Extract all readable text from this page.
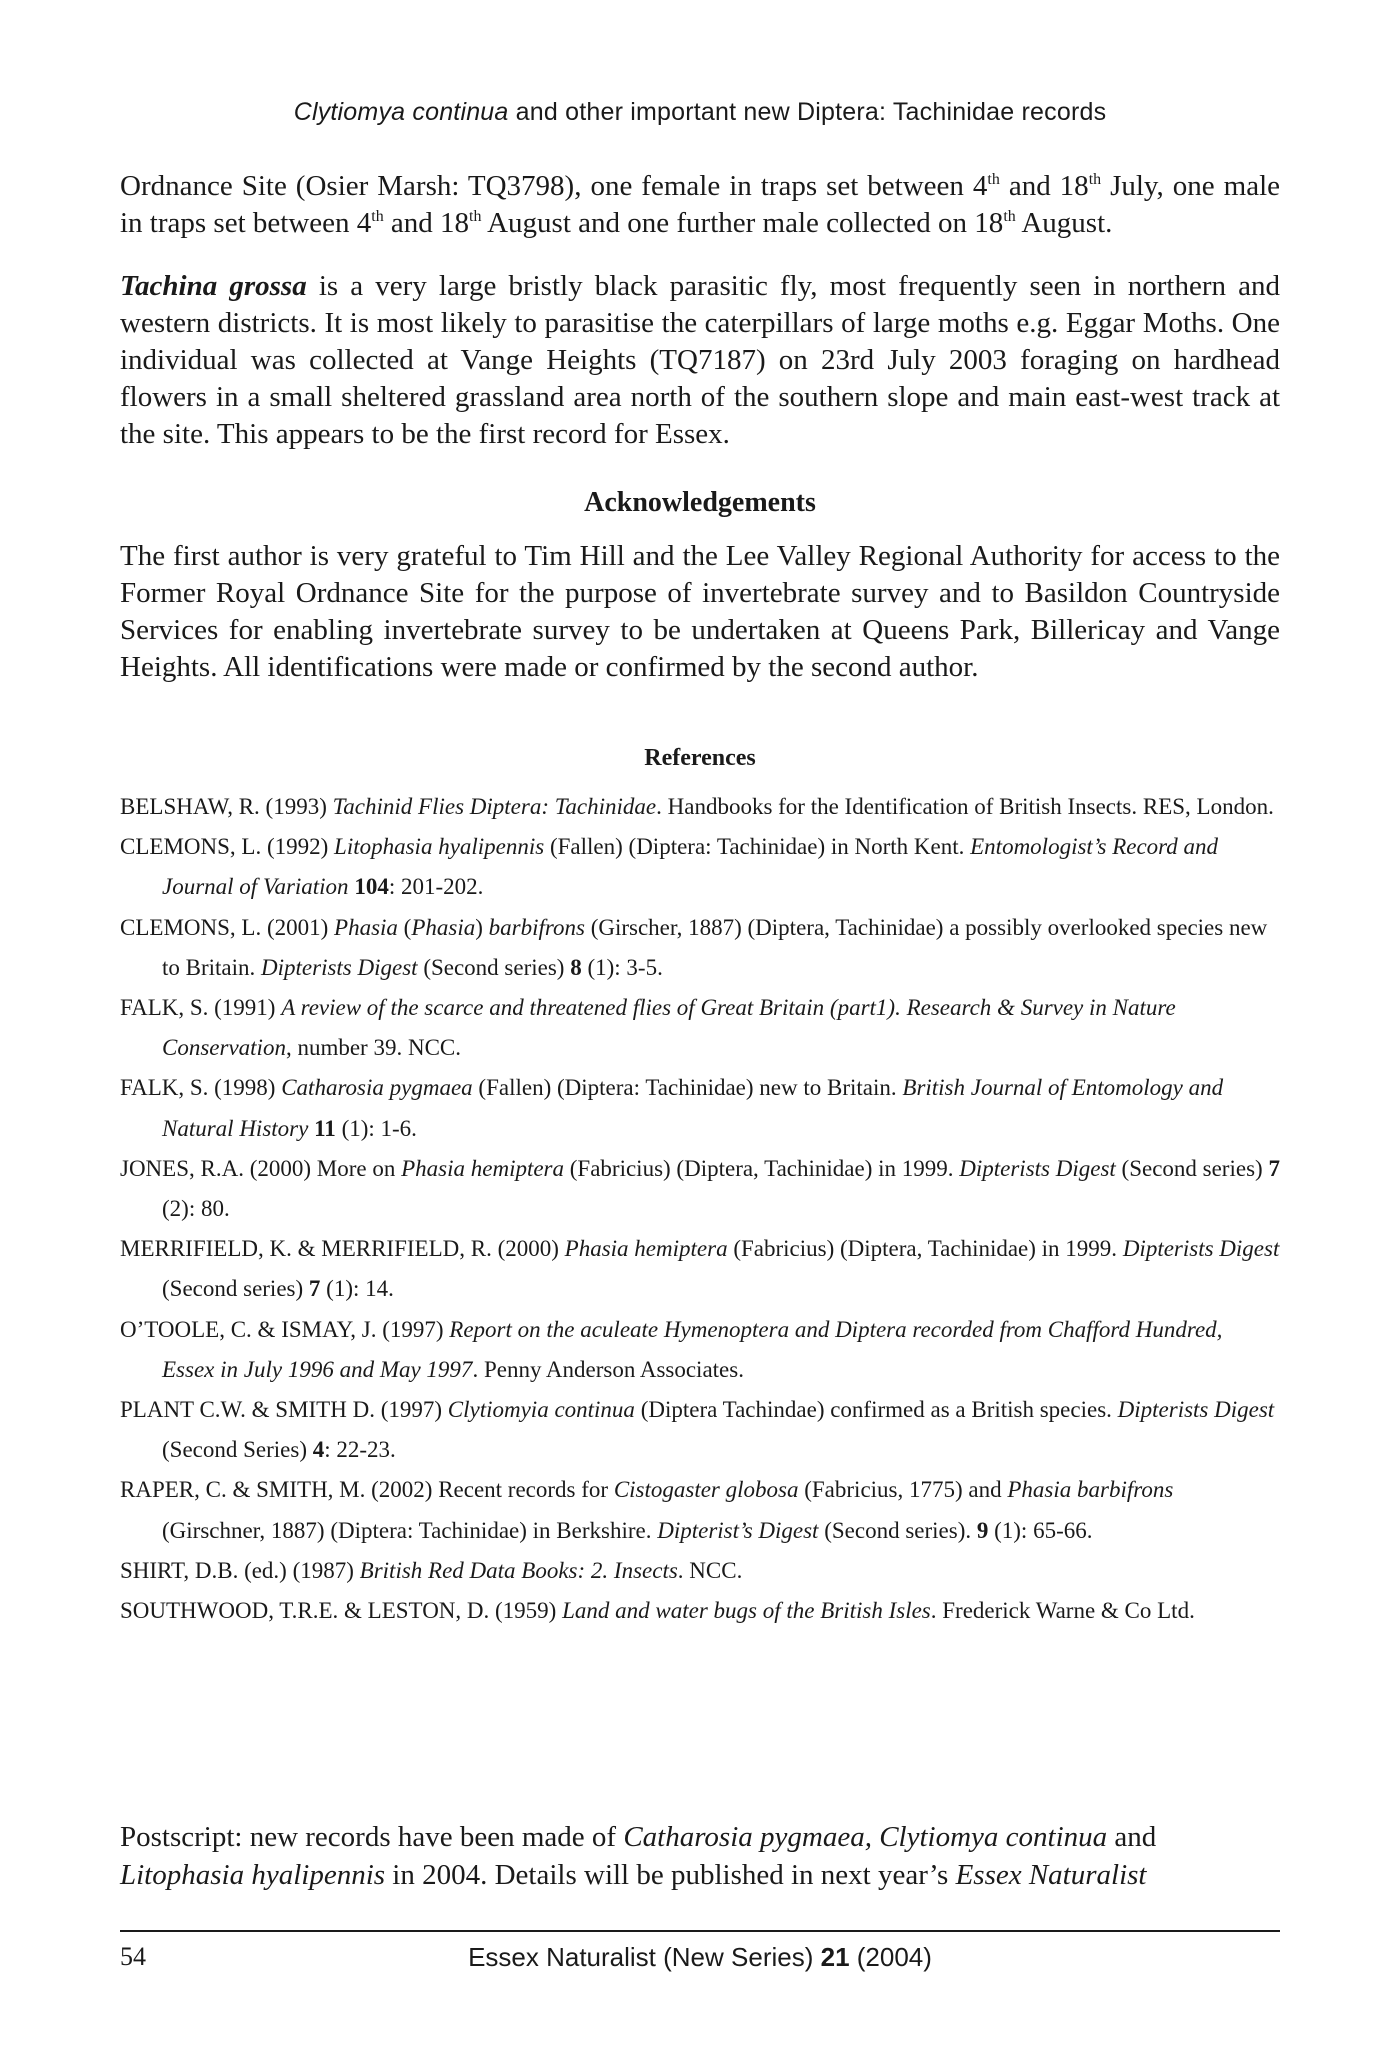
Clytiomya continua and other important new Diptera: Tachinidae records

Ordnance Site (Osier Marsh: TQ3798), one female in traps set between 4th and 18th July, one male in traps set between 4th and 18th August and one further male collected on 18th August.

Tachina grossa is a very large bristly black parasitic fly, most frequently seen in northern and western districts. It is most likely to parasitise the caterpillars of large moths e.g. Eggar Moths. One individual was collected at Vange Heights (TQ7187) on 23rd July 2003 foraging on hardhead flowers in a small sheltered grassland area north of the southern slope and main east-west track at the site. This appears to be the first record for Essex.

Acknowledgements

The first author is very grateful to Tim Hill and the Lee Valley Regional Authority for access to the Former Royal Ordnance Site for the purpose of invertebrate survey and to Basildon Countryside Services for enabling invertebrate survey to be undertaken at Queens Park, Billericay and Vange Heights. All identifications were made or confirmed by the second author.

References
BELSHAW, R. (1993) Tachinid Flies Diptera: Tachinidae. Handbooks for the Identification of British Insects. RES, London.
CLEMONS, L. (1992) Litophasia hyalipennis (Fallen) (Diptera: Tachinidae) in North Kent. Entomologist’s Record and Journal of Variation 104: 201-202.
CLEMONS, L. (2001) Phasia (Phasia) barbifrons (Girscher, 1887) (Diptera, Tachinidae) a possibly overlooked species new to Britain. Dipterists Digest (Second series) 8 (1): 3-5.
FALK, S. (1991) A review of the scarce and threatened flies of Great Britain (part1). Research & Survey in Nature Conservation, number 39. NCC.
FALK, S. (1998) Catharosia pygmaea (Fallen) (Diptera: Tachinidae) new to Britain. British Journal of Entomology and Natural History 11 (1): 1-6.
JONES, R.A. (2000) More on Phasia hemiptera (Fabricius) (Diptera, Tachinidae) in 1999. Dipterists Digest (Second series) 7 (2): 80.
MERRIFIELD, K. & MERRIFIELD, R. (2000) Phasia hemiptera (Fabricius) (Diptera, Tachinidae) in 1999. Dipterists Digest (Second series) 7 (1): 14.
O’TOOLE, C. & ISMAY, J. (1997) Report on the aculeate Hymenoptera and Diptera recorded from Chafford Hundred, Essex in July 1996 and May 1997. Penny Anderson Associates.
PLANT C.W. & SMITH D. (1997) Clytiomyia continua (Diptera Tachindae) confirmed as a British species. Dipterists Digest (Second Series) 4: 22-23.
RAPER, C. & SMITH, M. (2002) Recent records for Cistogaster globosa (Fabricius, 1775) and Phasia barbifrons (Girschner, 1887) (Diptera: Tachinidae) in Berkshire. Dipterist’s Digest (Second series). 9 (1): 65-66.
SHIRT, D.B. (ed.) (1987) British Red Data Books: 2. Insects. NCC.
SOUTHWOOD, T.R.E. & LESTON, D. (1959) Land and water bugs of the British Isles. Frederick Warne & Co Ltd.

Postscript: new records have been made of Catharosia pygmaea, Clytiomya continua and Litophasia hyalipennis in 2004. Details will be published in next year’s Essex Naturalist

54	Essex Naturalist (New Series) 21 (2004)
